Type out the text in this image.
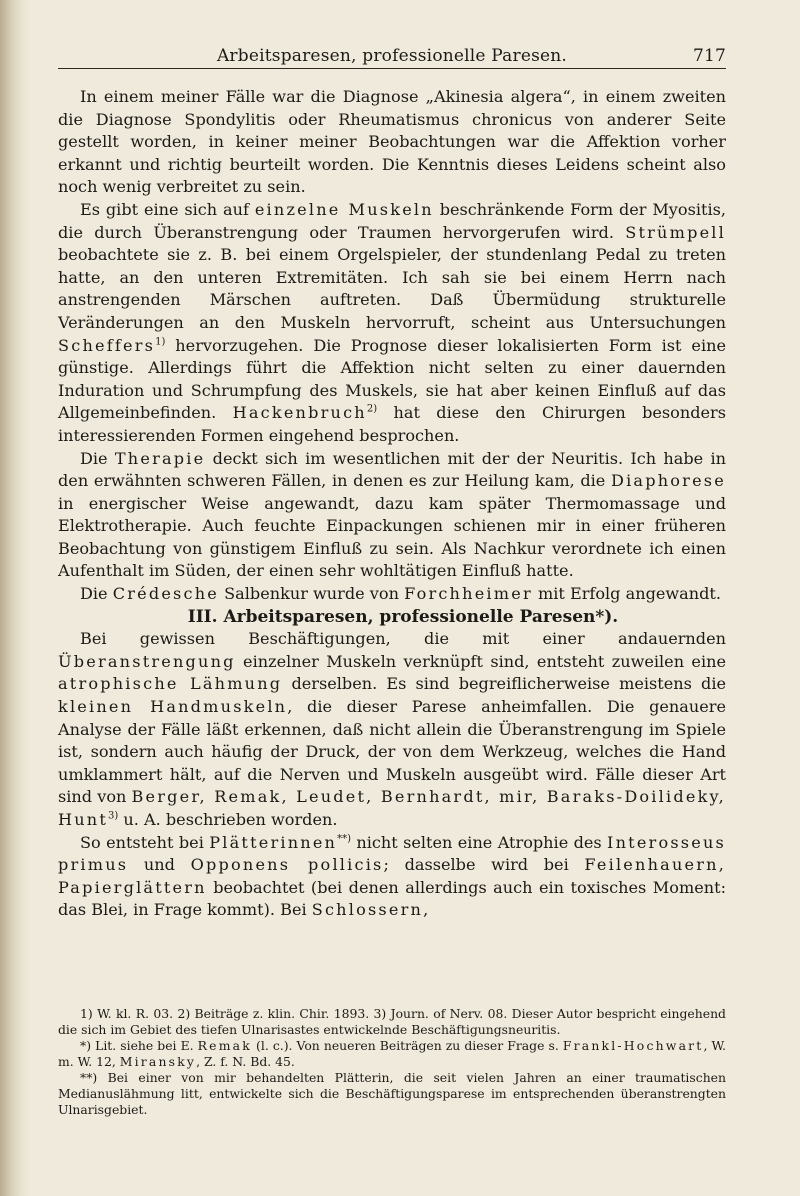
Arbeitsparesen, professionelle Paresen.	717

In einem meiner Fälle war die Diagnose „Akinesia algera“, in einem zweiten die Diagnose Spondylitis oder Rheumatismus chronicus von anderer Seite gestellt worden, in keiner meiner Beobachtungen war die Affektion vorher erkannt und richtig beurteilt worden. Die Kenntnis dieses Leidens scheint also noch wenig verbreitet zu sein.

Es gibt eine sich auf einzelne Muskeln beschränkende Form der Myositis, die durch Überanstrengung oder Traumen hervorgerufen wird. Strümpell beobachtete sie z. B. bei einem Orgelspieler, der stundenlang Pedal zu treten hatte, an den unteren Extremitäten. Ich sah sie bei einem Herrn nach anstrengenden Märschen auftreten. Daß Übermüdung strukturelle Veränderungen an den Muskeln hervorruft, scheint aus Untersuchungen Scheffers$^{1)}$ hervorzugehen. Die Prognose dieser lokalisierten Form ist eine günstige. Allerdings führt die Affektion nicht selten zu einer dauernden Induration und Schrumpfung des Muskels, sie hat aber keinen Einfluß auf das Allgemeinbefinden. Hackenbruch$^{2)}$ hat diese den Chirurgen besonders interessierenden Formen eingehend besprochen.

Die Therapie deckt sich im wesentlichen mit der der Neuritis. Ich habe in den erwähnten schweren Fällen, in denen es zur Heilung kam, die Diaphorese in energischer Weise angewandt, dazu kam später Thermomassage und Elektrotherapie. Auch feuchte Einpackungen schienen mir in einer früheren Beobachtung von günstigem Einfluß zu sein. Als Nachkur verordnete ich einen Aufenthalt im Süden, der einen sehr wohltätigen Einfluß hatte.

Die Crédesche Salbenkur wurde von Forchheimer mit Erfolg angewandt.

III. Arbeitsparesen, professionelle Paresen*).

Bei gewissen Beschäftigungen, die mit einer andauernden Überanstrengung einzelner Muskeln verknüpft sind, entsteht zuweilen eine atrophische Lähmung derselben. Es sind begreiflicherweise meistens die kleinen Handmuskeln, die dieser Parese anheimfallen. Die genauere Analyse der Fälle läßt erkennen, daß nicht allein die Überanstrengung im Spiele ist, sondern auch häufig der Druck, der von dem Werkzeug, welches die Hand umklammert hält, auf die Nerven und Muskeln ausgeübt wird. Fälle dieser Art sind von Berger, Remak, Leudet, Bernhardt, mir, Baraks-Doilideky, Hunt$^{3)}$ u. A. beschrieben worden.

So entsteht bei Plätterinnen**) nicht selten eine Atrophie des Interosseus primus und Opponens pollicis; dasselbe wird bei Feilenhauern, Papierglättern beobachtet (bei denen allerdings auch ein toxisches Moment: das Blei, in Frage kommt). Bei Schlossern,

1) W. kl. R. 03. 2) Beiträge z. klin. Chir. 1893. 3) Journ. of Nerv. 08. Dieser Autor bespricht eingehend die sich im Gebiet des tiefen Ulnarisastes entwickelnde Beschäftigungsneuritis.

*) Lit. siehe bei E. Remak (l. c.). Von neueren Beiträgen zu dieser Frage s. Frankl-Hochwart, W. m. W. 12, Miransky, Z. f. N. Bd. 45.

**) Bei einer von mir behandelten Plätterin, die seit vielen Jahren an einer traumatischen Medianuslähmung litt, entwickelte sich die Beschäftigungsparese im entsprechenden überanstrengten Ulnarisgebiet.
